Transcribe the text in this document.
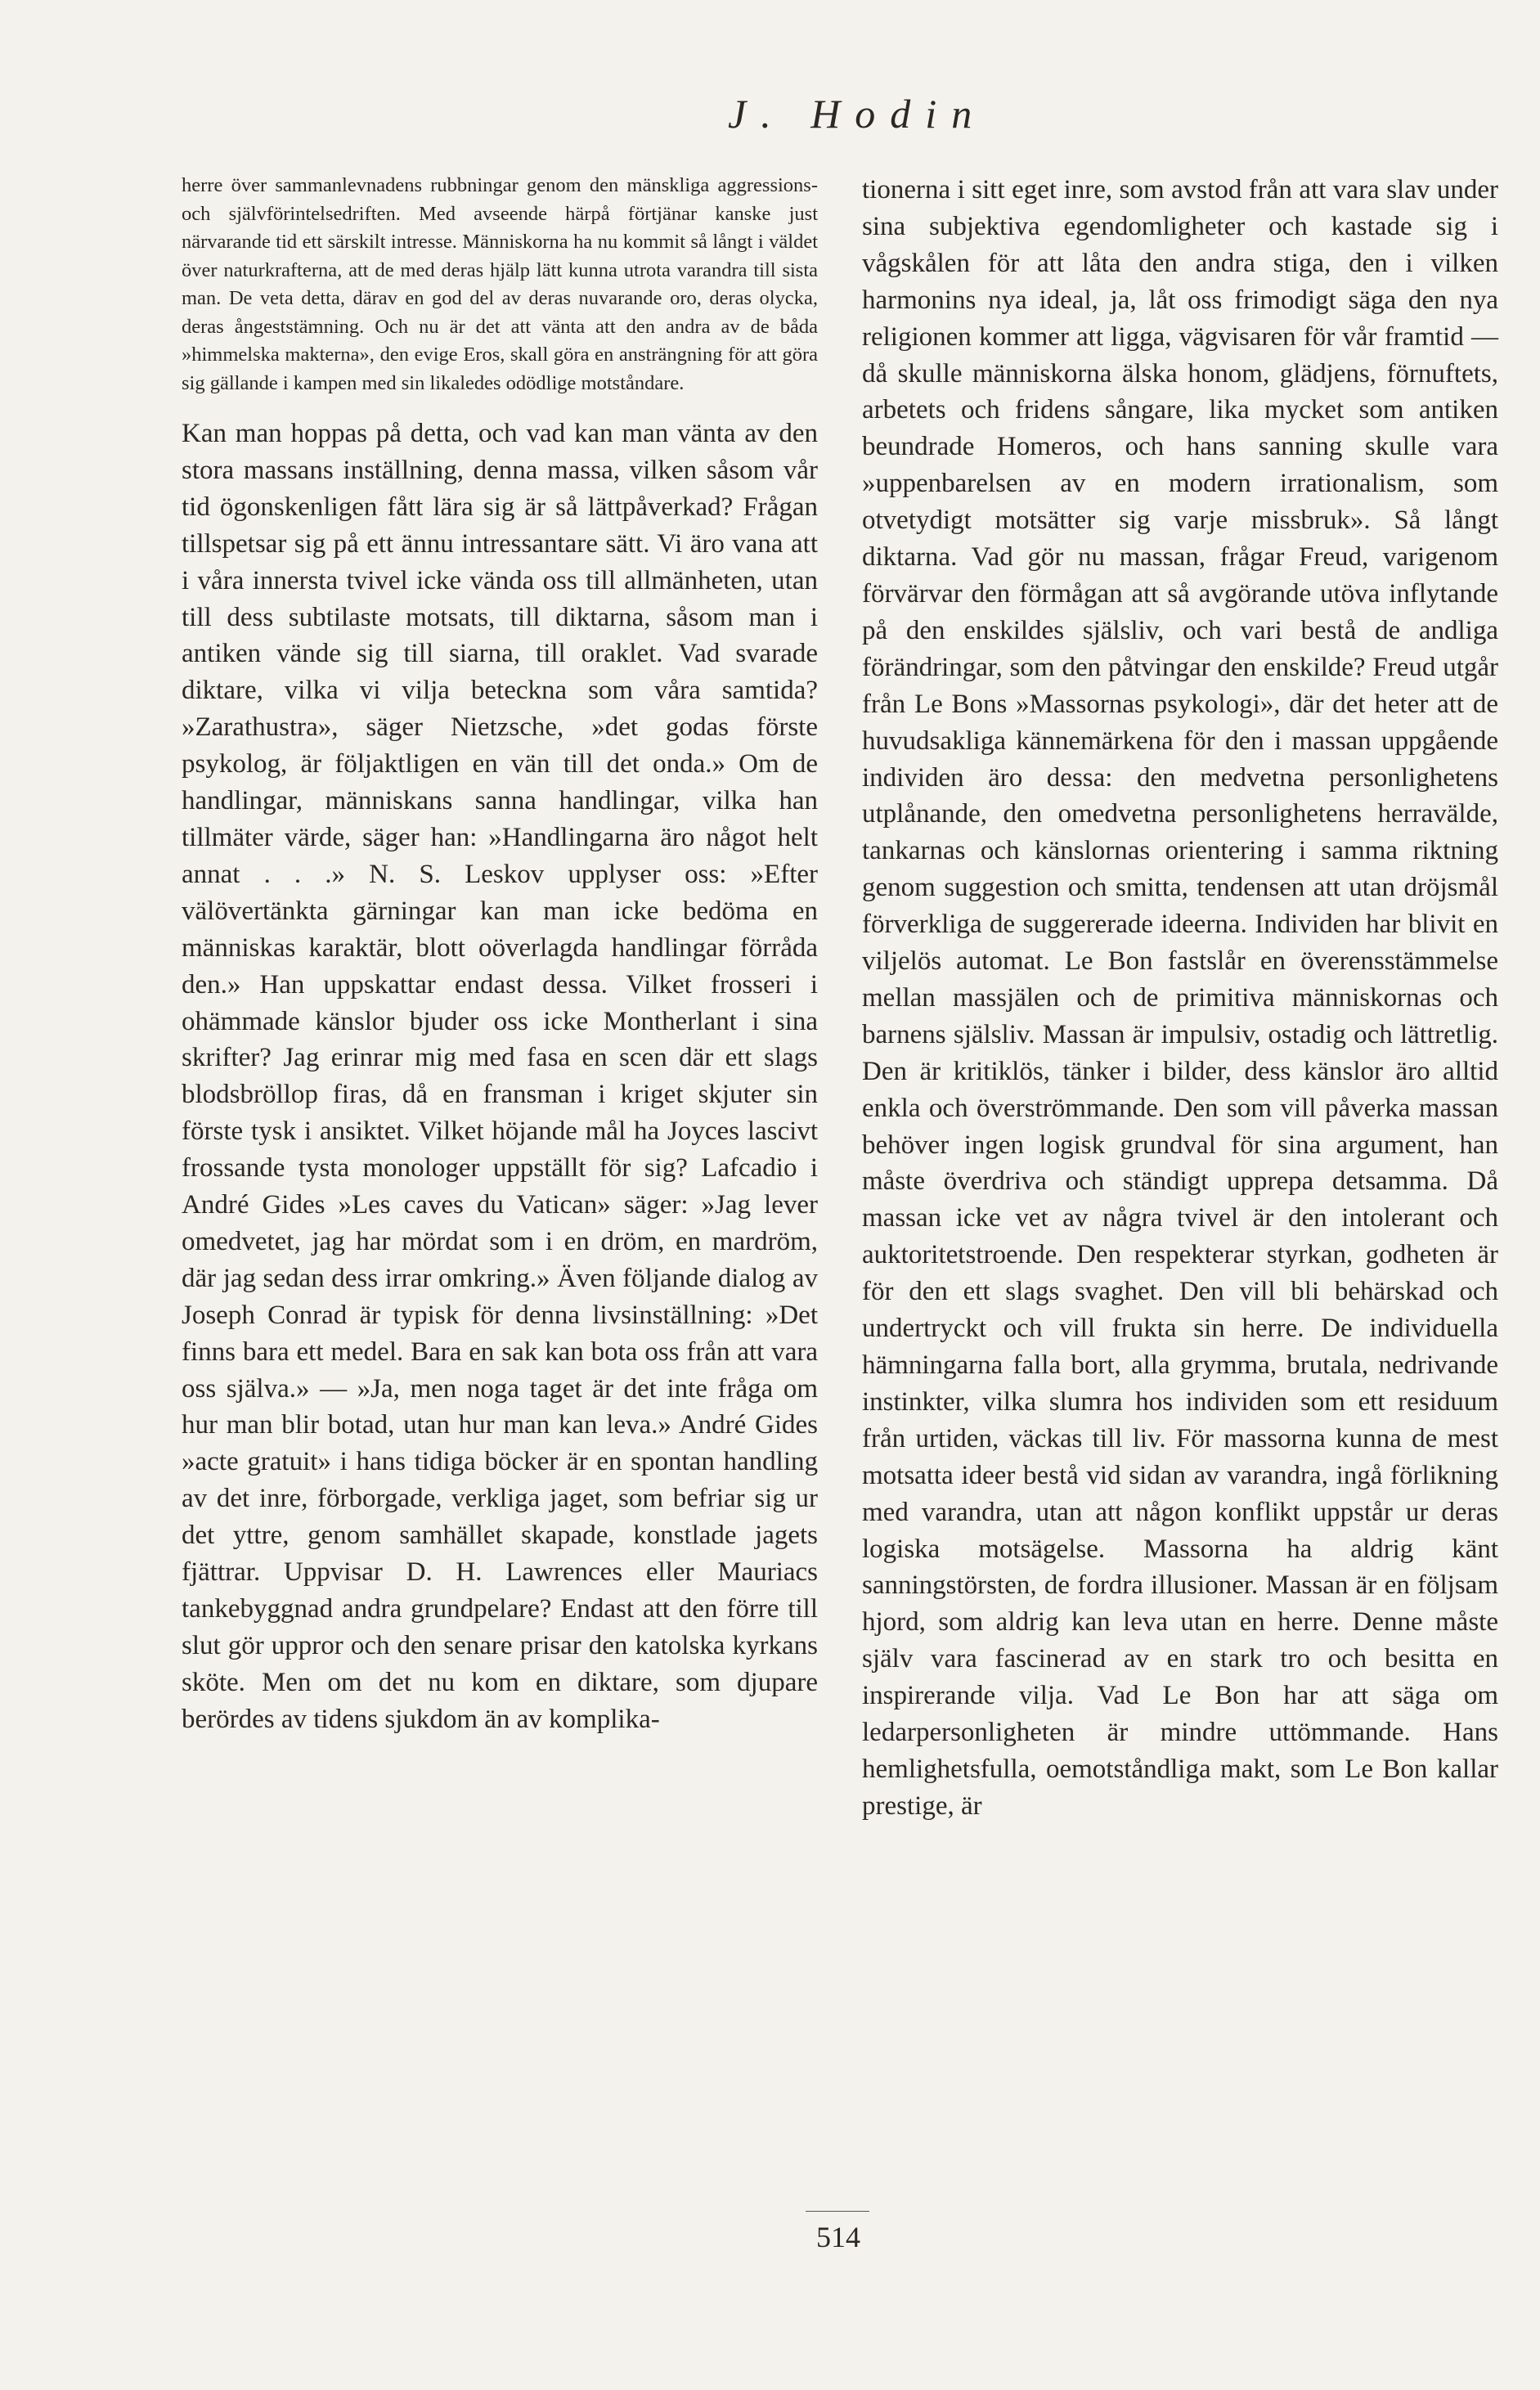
J. Hodin

herre över sammanlevnadens rubbningar genom den mänskliga aggressions- och självförintelsedriften. Med avseende härpå förtjänar kanske just närvarande tid ett särskilt intresse. Människorna ha nu kommit så långt i väldet över naturkrafterna, att de med deras hjälp lätt kunna utrota varandra till sista man. De veta detta, därav en god del av deras nuvarande oro, deras olycka, deras ångeststämning. Och nu är det att vänta att den andra av de båda »himmelska makterna», den evige Eros, skall göra en ansträngning för att göra sig gällande i kampen med sin likaledes odödlige motståndare.

Kan man hoppas på detta, och vad kan man vänta av den stora massans inställning, denna massa, vilken såsom vår tid ögonskenligen fått lära sig är så lättpåverkad? Frågan tillspetsar sig på ett ännu intressantare sätt. Vi äro vana att i våra innersta tvivel icke vända oss till allmänheten, utan till dess subtilaste motsats, till diktarna, såsom man i antiken vände sig till siarna, till oraklet. Vad svarade diktare, vilka vi vilja beteckna som våra samtida? »Zarathustra», säger Nietzsche, »det godas förste psykolog, är följaktligen en vän till det onda.» Om de handlingar, människans sanna handlingar, vilka han tillmäter värde, säger han: »Handlingarna äro något helt annat . . .» N. S. Leskov upplyser oss: »Efter välövertänkta gärningar kan man icke bedöma en människas karaktär, blott oöverlagda handlingar förråda den.» Han uppskattar endast dessa. Vilket frosseri i ohämmade känslor bjuder oss icke Montherlant i sina skrifter? Jag erinrar mig med fasa en scen där ett slags blodsbröllop firas, då en fransman i kriget skjuter sin förste tysk i ansiktet. Vilket höjande mål ha Joyces lascivt frossande tysta monologer uppställt för sig? Lafcadio i André Gides »Les caves du Vatican» säger: »Jag lever omedvetet, jag har mördat som i en dröm, en mardröm, där jag sedan dess irrar omkring.» Även följande dialog av Joseph Conrad är typisk för denna livsinställning: »Det finns bara ett medel. Bara en sak kan bota oss från att vara oss själva.» — »Ja, men noga taget är det inte fråga om hur man blir botad, utan hur man kan leva.» André Gides »acte gratuit» i hans tidiga böcker är en spontan handling av det inre, förborgade, verkliga jaget, som befriar sig ur det yttre, genom samhället skapade, konstlade jagets fjättrar. Uppvisar D. H. Lawrences eller Mauriacs tankebyggnad andra grundpelare? Endast att den förre till slut gör uppror och den senare prisar den katolska kyrkans sköte. Men om det nu kom en diktare, som djupare berördes av tidens sjukdom än av komplika-

tionerna i sitt eget inre, som avstod från att vara slav under sina subjektiva egendomligheter och kastade sig i vågskålen för att låta den andra stiga, den i vilken harmonins nya ideal, ja, låt oss frimodigt säga den nya religionen kommer att ligga, vägvisaren för vår framtid — då skulle människorna älska honom, glädjens, förnuftets, arbetets och fridens sångare, lika mycket som antiken beundrade Homeros, och hans sanning skulle vara »uppenbarelsen av en modern irrationalism, som otvetydigt motsätter sig varje missbruk». Så långt diktarna. Vad gör nu massan, frågar Freud, varigenom förvärvar den förmågan att så avgörande utöva inflytande på den enskildes själsliv, och vari bestå de andliga förändringar, som den påtvingar den enskilde? Freud utgår från Le Bons »Massornas psykologi», där det heter att de huvudsakliga kännemärkena för den i massan uppgående individen äro dessa: den medvetna personlighetens utplånande, den omedvetna personlighetens herravälde, tankarnas och känslornas orientering i samma riktning genom suggestion och smitta, tendensen att utan dröjsmål förverkliga de suggererade ideerna. Individen har blivit en viljelös automat. Le Bon fastslår en överensstämmelse mellan massjälen och de primitiva människornas och barnens själsliv. Massan är impulsiv, ostadig och lättretlig. Den är kritiklös, tänker i bilder, dess känslor äro alltid enkla och överströmmande. Den som vill påverka massan behöver ingen logisk grundval för sina argument, han måste överdriva och ständigt upprepa detsamma. Då massan icke vet av några tvivel är den intolerant och auktoritetstroende. Den respekterar styrkan, godheten är för den ett slags svaghet. Den vill bli behärskad och undertryckt och vill frukta sin herre. De individuella hämningarna falla bort, alla grymma, brutala, nedrivande instinkter, vilka slumra hos individen som ett residuum från urtiden, väckas till liv. För massorna kunna de mest motsatta ideer bestå vid sidan av varandra, ingå förlikning med varandra, utan att någon konflikt uppstår ur deras logiska motsägelse. Massorna ha aldrig känt sanningstörsten, de fordra illusioner. Massan är en följsam hjord, som aldrig kan leva utan en herre. Denne måste själv vara fascinerad av en stark tro och besitta en inspirerande vilja. Vad Le Bon har att säga om ledarpersonligheten är mindre uttömmande. Hans hemlighetsfulla, oemotståndliga makt, som Le Bon kallar prestige, är

514
